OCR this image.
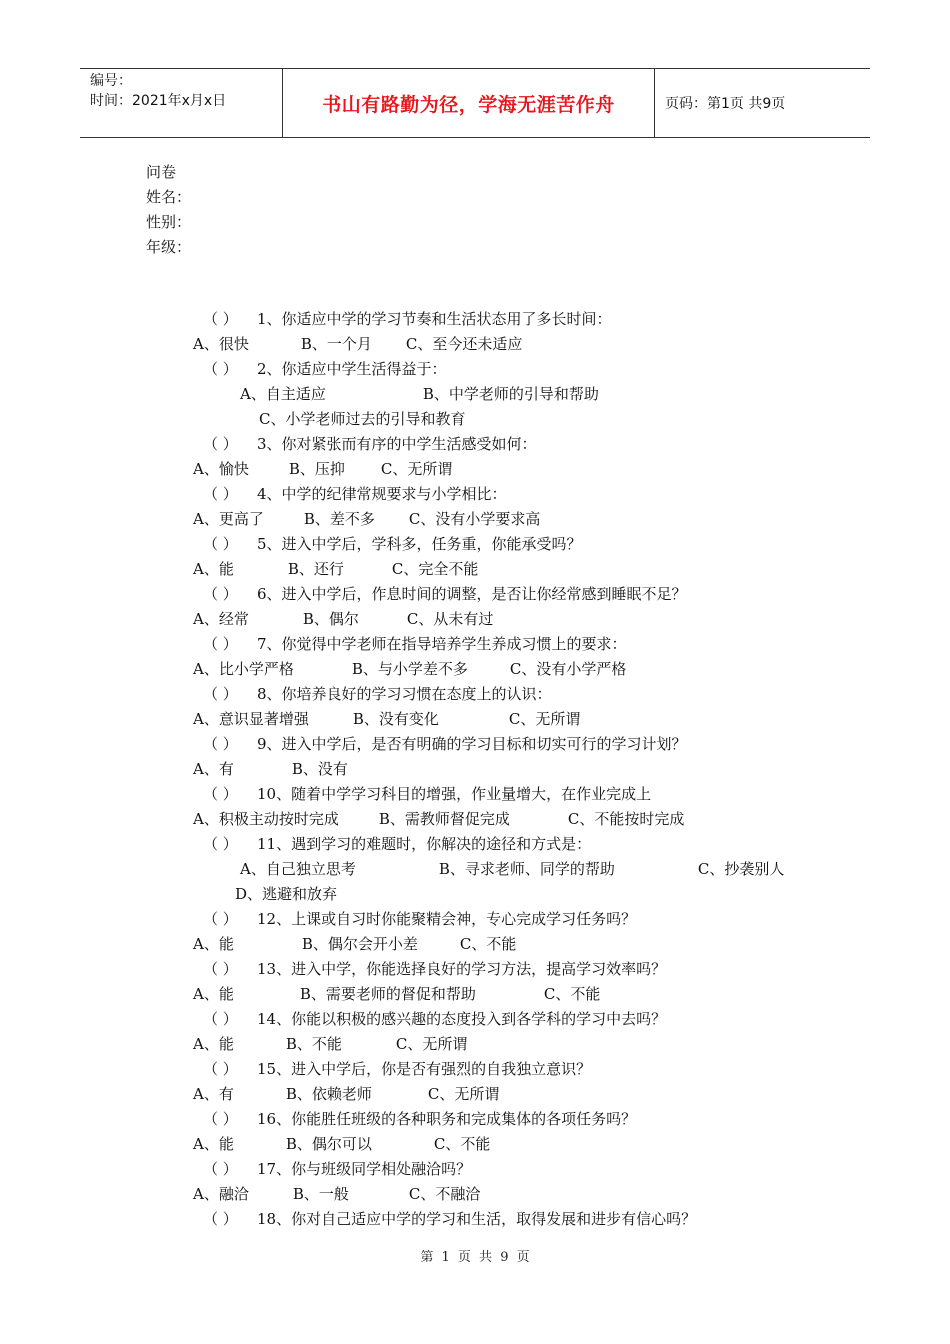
编号：
时间：2021年x月x日	书山有路勤为径，学海无涯苦作舟	页码：第1页 共9页
问卷
姓名：
性别：
年级：
（ ） 1、你适应中学的学习节奏和生活状态用了多长时间：
A、很快	B、一个月 C、至今还未适应
（ ） 2、你适应中学生活得益于：
A、自主适应	B、中学老师的引导和帮助C、小学老师过去的引导和教育
（ ） 3、你对紧张而有序的中学生活感受如何：
A、愉快	B、压抑 C、无所谓
（ ） 4、中学的纪律常规要求与小学相比：
A、更高了	B、差不多 C、没有小学要求高
（ ） 5、进入中学后，学科多，任务重，你能承受吗？
A、能	B、还行	C、完全不能
（ ） 6、进入中学后，作息时间的调整，是否让你经常感到睡眠不足？
A、经常	B、偶尔	C、从未有过
（ ） 7、你觉得中学老师在指导培养学生养成习惯上的要求：
A、比小学严格	B、与小学差不多	C、没有小学严格
（ ） 8、你培养良好的学习习惯在态度上的认识：
A、意识显著增强	B、没有变化	C、无所谓
（ ） 9、进入中学后，是否有明确的学习目标和切实可行的学习计划？
A、有	B、没有
（ ） 10、随着中学学习科目的增强，作业量增大，在作业完成上
A、积极主动按时完成	B、需教师督促完成	C、不能按时完成
（ ） 11、遇到学习的难题时，你解决的途径和方式是：
A、自己独立思考	B、寻求老师、同学的帮助	C、抄袭别人D、逃避和放弃
（ ） 12、上课或自习时你能聚精会神，专心完成学习任务吗？
A、能	B、偶尔会开小差	C、不能
（ ） 13、进入中学，你能选择良好的学习方法，提高学习效率吗？
A、能	B、需要老师的督促和帮助	C、不能
（ ） 14、你能以积极的感兴趣的态度投入到各学科的学习中去吗？
A、能	B、不能	C、无所谓
（ ） 15、进入中学后，你是否有强烈的自我独立意识？
A、有	B、依赖老师	C、无所谓
（ ） 16、你能胜任班级的各种职务和完成集体的各项任务吗？
A、能	B、偶尔可以	C、不能
（ ） 17、你与班级同学相处融洽吗？
A、融洽	B、一般	C、不融洽
（ ） 18、你对自己适应中学的学习和生活，取得发展和进步有信心吗？
第 1 页 共 9 页
